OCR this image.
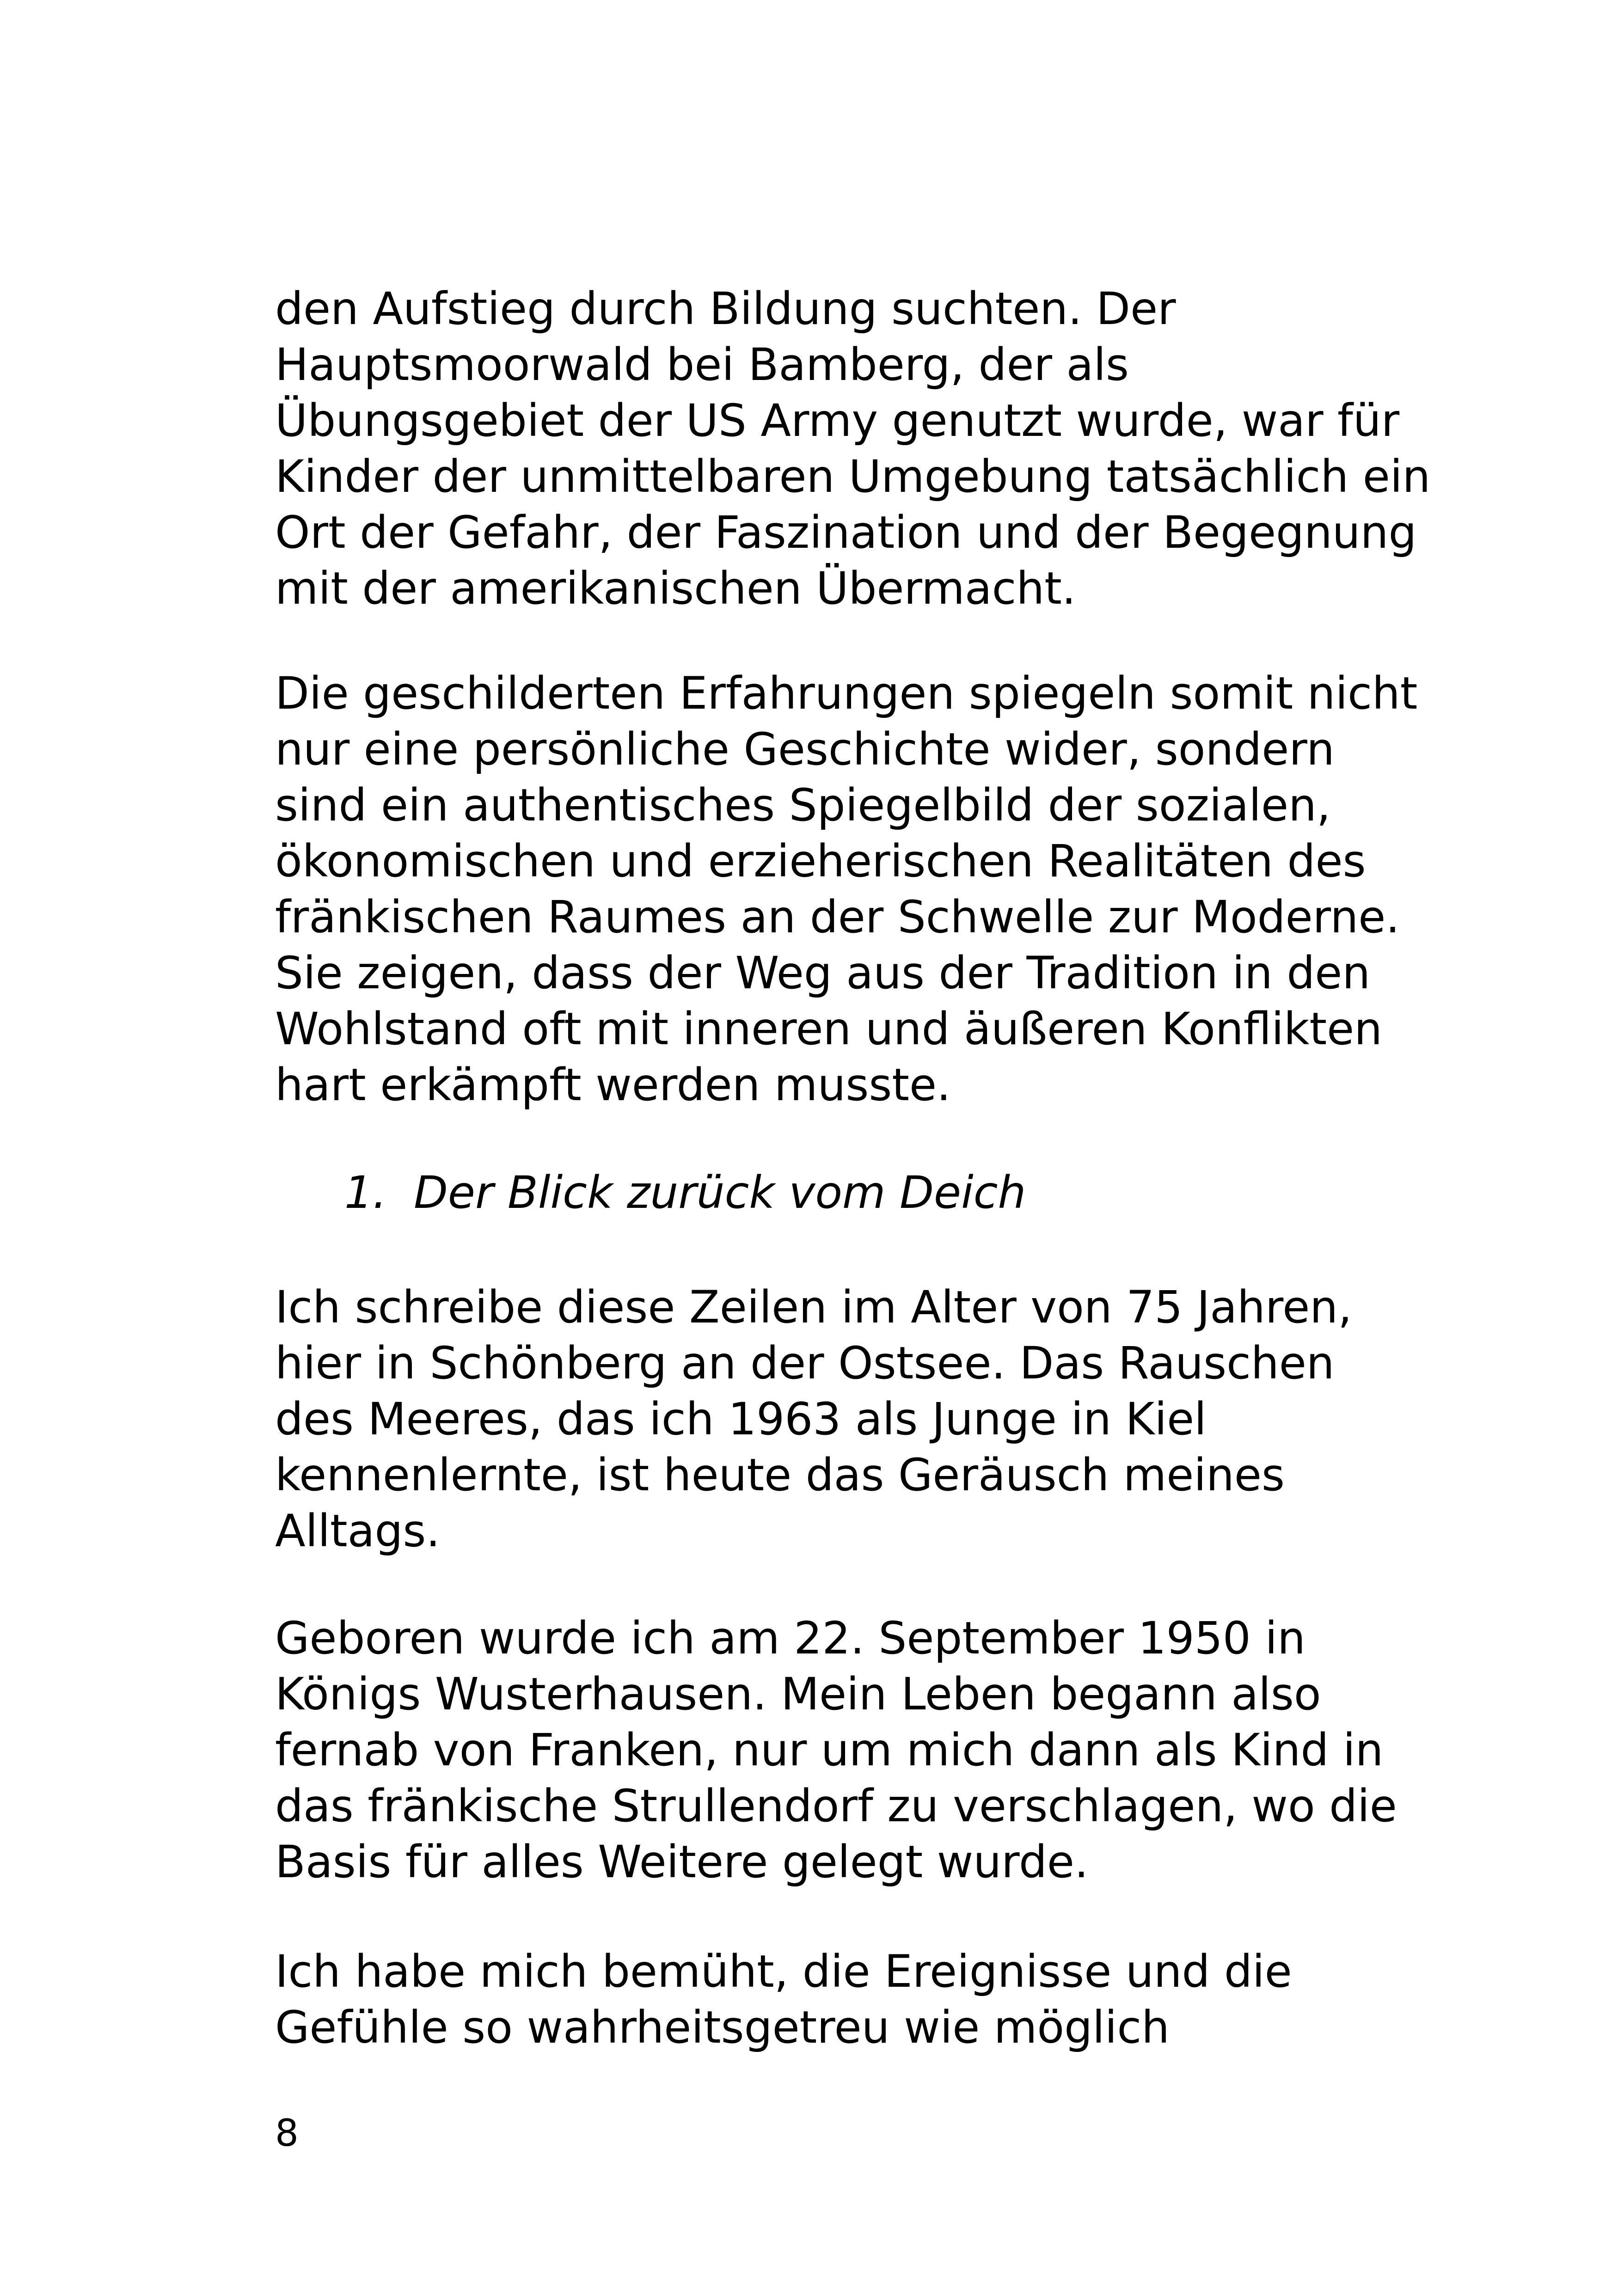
den Aufstieg durch Bildung suchten. Der
Hauptsmoorwald bei Bamberg, der als
Übungsgebiet der US Army genutzt wurde, war für
Kinder der unmittelbaren Umgebung tatsächlich ein
Ort der Gefahr, der Faszination und der Begegnung
mit der amerikanischen Übermacht.
Die geschilderten Erfahrungen spiegeln somit nicht
nur eine persönliche Geschichte wider, sondern
sind ein authentisches Spiegelbild der sozialen,
ökonomischen und erzieherischen Realitäten des
fränkischen Raumes an der Schwelle zur Moderne.
Sie zeigen, dass der Weg aus der Tradition in den
Wohlstand oft mit inneren und äußeren Konflikten
hart erkämpft werden musste.
1. Der Blick zurück vom Deich
Ich schreibe diese Zeilen im Alter von 75 Jahren,
hier in Schönberg an der Ostsee. Das Rauschen
des Meeres, das ich 1963 als Junge in Kiel
kennenlernte, ist heute das Geräusch meines
Alltags.
Geboren wurde ich am 22. September 1950 in
Königs Wusterhausen. Mein Leben begann also
fernab von Franken, nur um mich dann als Kind in
das fränkische Strullendorf zu verschlagen, wo die
Basis für alles Weitere gelegt wurde.
Ich habe mich bemüht, die Ereignisse und die
Gefühle so wahrheitsgetreu wie möglich
8
